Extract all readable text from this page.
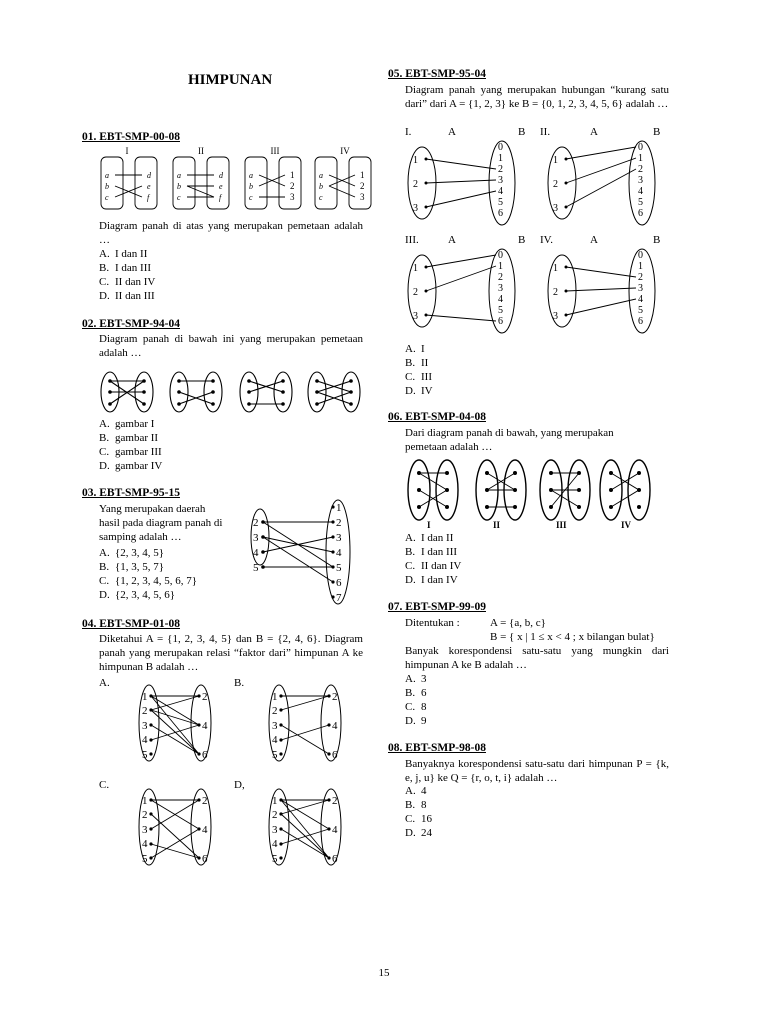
HIMPUNAN
01. EBT-SMP-00-08
I	II	III	IV
a
b
c
d
e
f
a
b
c
d
e
f
a
b
c
a
b
c
1
2
3
1
2
3
Diagram panah di atas yang merupakan pemetaan adalah …
A. I dan II
B. I dan III
C. II dan IV
D. II dan III
02. EBT-SMP-94-04
Diagram panah di bawah ini yang merupakan pemetaan adalah …
A. gambar I
B. gambar II
C. gambar III
D. gambar IV
03. EBT-SMP-95-15
Yang merupakan daerah hasil pada diagram panah di samping adalah …
A. {2, 3, 4, 5}
B. {1, 3, 5, 7}
C. {1, 2, 3, 4, 5, 6, 7}
D. {2, 3, 4, 5, 6}
2
3
4
5
1
2
3
4
5
6
7
04. EBT-SMP-01-08
Diketahui A = {1, 2, 3, 4, 5} dan B = {2, 4, 6}. Diagram panah yang merupakan relasi “faktor dari” himpunan A ke himpunan B adalah …
A.	B.
C.	D,
05. EBT-SMP-95-04
Diagram panah yang merupakan hubungan “kurang satu dari” dari A = {1, 2, 3} ke B = {0, 1, 2, 3, 4, 5, 6} adalah …
I.	A	B II.	A	B
III.	A	B IV.	A	B
1
2
3
0
A. I
B. II
C. III
D. IV
06. EBT-SMP-04-08
Dari diagram panah di bawah, yang merupakan pemetaan adalah …
I	II	III	IV
A. I dan II
B. I dan III
C. II dan IV
D. I dan IV
07. EBT-SMP-99-09
Ditentukan :	A = {a, b, c}
B = { x | 1 ≤ x < 4 ; x bilangan bulat}
Banyak korespondensi satu-satu yang mungkin dari himpunan A ke B adalah …
A. 3
B. 6
C. 8
D. 9
08. EBT-SMP-98-08
Banyaknya korespondensi satu-satu dari himpunan P = {k, e, j, u} ke Q = {r, o, t, i} adalah …
A. 4
B. 8
C. 16
D. 24
15
